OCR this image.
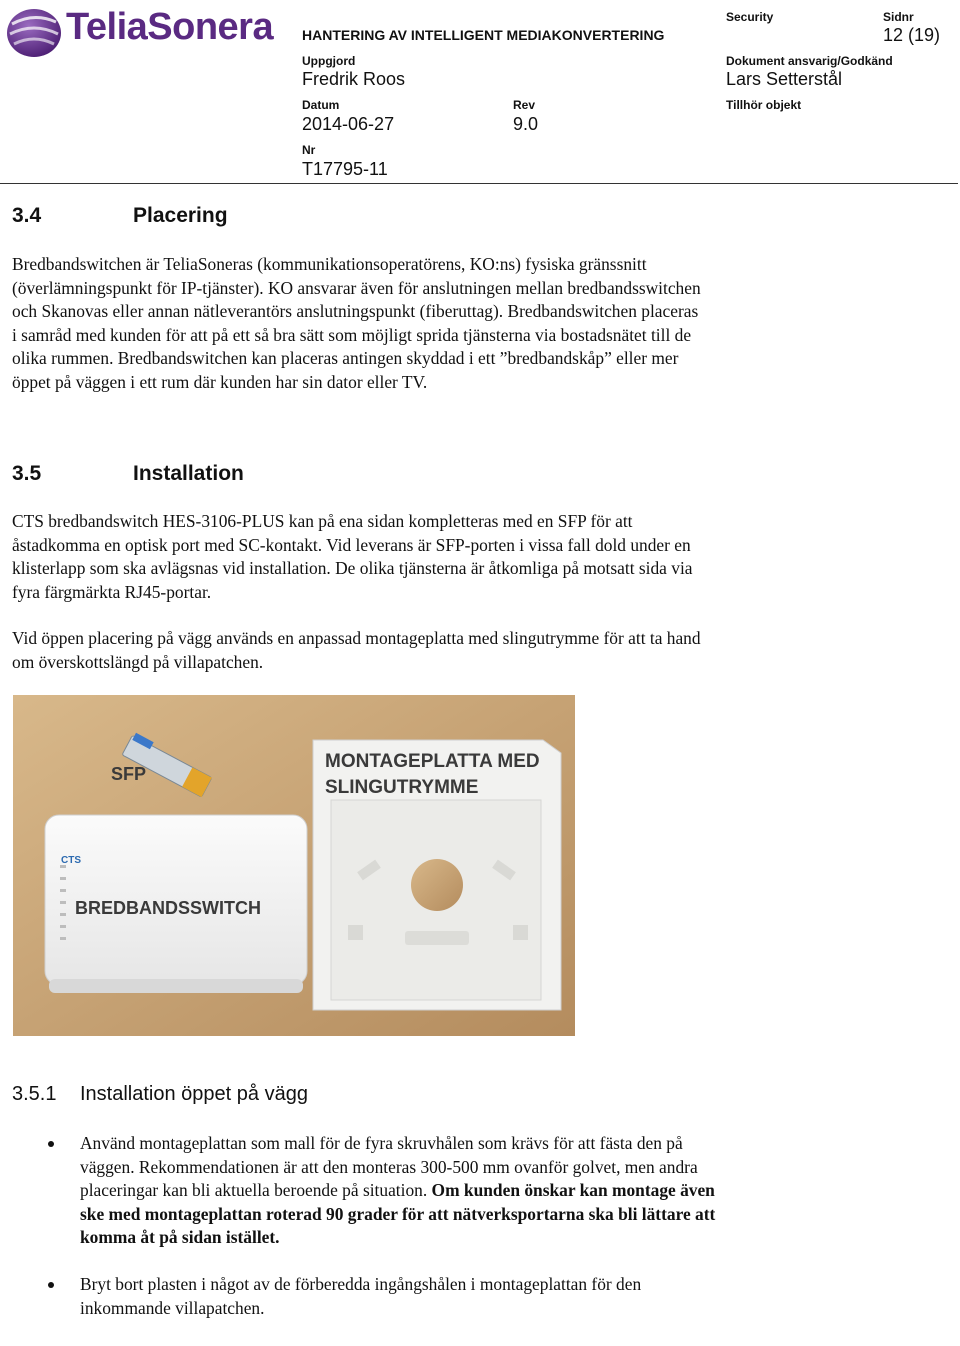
TeliaSonera HANTERING AV INTELLIGENT MEDIAKONVERTERING
Security	Sidnr
12 (19)
Uppgjord
Fredrik Roos
Dokument ansvarig/Godkänd
Lars Setterstål
Datum
2014-06-27
Rev
9.0
Tillhör objekt
Nr
T17795-11
3.4	Placering

Bredbandswitchen är TeliaSoneras (kommunikationsoperatörens, KO:ns) fysiska gränssnitt (överlämningspunkt för IP-tjänster). KO ansvarar även för anslutningen mellan bredbandsswitchen och Skanovas eller annan nätleverantörs anslutningspunkt (fiberuttag). Bredbandswitchen placeras i samråd med kunden för att på ett så bra sätt som möjligt sprida tjänsterna via bostadsnätet till de olika rummen. Bredbandswitchen kan placeras antingen skyddad i ett ”bredbandskåp” eller mer öppet på väggen i ett rum där kunden har sin dator eller TV.

3.5	Installation

CTS bredbandswitch HES-3106-PLUS kan på ena sidan kompletteras med en SFP för att åstadkomma en optisk port med SC-kontakt. Vid leverans är SFP-porten i vissa fall dold under en klisterlapp som ska avlägsnas vid installation. De olika tjänsterna är åtkomliga på motsatt sida via fyra färgmärkta RJ45-portar.

Vid öppen placering på vägg används en anpassad montageplatta med slingutrymme för att ta hand om överskottslängd på villapatchen.

SFP
MONTAGEPLATTA MED
SLINGUTRYMME
CTS
BREDBANDSSWITCH
3.5.1 Installation öppet på vägg
Använd montageplattan som mall för de fyra skruvhålen som krävs för att fästa den på väggen. Rekommendationen är att den monteras 300-500 mm ovanför golvet, men andra placeringar kan bli aktuella beroende på situation. Om kunden önskar kan montage även ske med montageplattan roterad 90 grader för att nätverksportarna ska bli lättare att komma åt på sidan istället.
Bryt bort plasten i något av de förberedda ingångshålen i montageplattan för den inkommande villapatchen.
